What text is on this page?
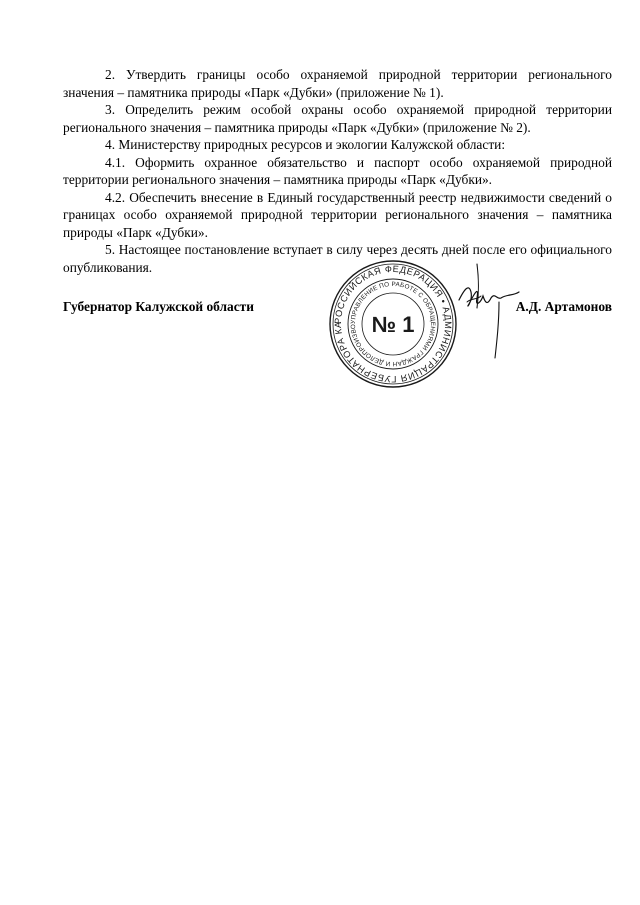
2. Утвердить границы особо охраняемой природной территории регионального значения – памятника природы «Парк «Дубки» (приложение № 1).

3. Определить режим особой охраны особо охраняемой природной территории регионального значения – памятника природы «Парк «Дубки» (приложение № 2).

4. Министерству природных ресурсов и экологии Калужской области:

4.1. Оформить охранное обязательство и паспорт особо охраняемой природной территории регионального значения – памятника природы «Парк «Дубки».

4.2. Обеспечить внесение в Единый государственный реестр недвижимости сведений о границах особо охраняемой природной территории регионального значения – памятника природы «Парк «Дубки».

5. Настоящее постановление вступает в силу через десять дней после его официального опубликования.

Губернатор Калужской области
РОССИЙСКАЯ ФЕДЕРАЦИЯ • АДМИНИСТРАЦИЯ ГУБЕРНАТОРА КА	УПРАВЛЕНИЕ ПО РАБОТЕ С ОБРАЩЕНИЯМИ ГРАЖДАН И ДЕЛОПРОИЗВО № 1
А.Д. Артамонов
